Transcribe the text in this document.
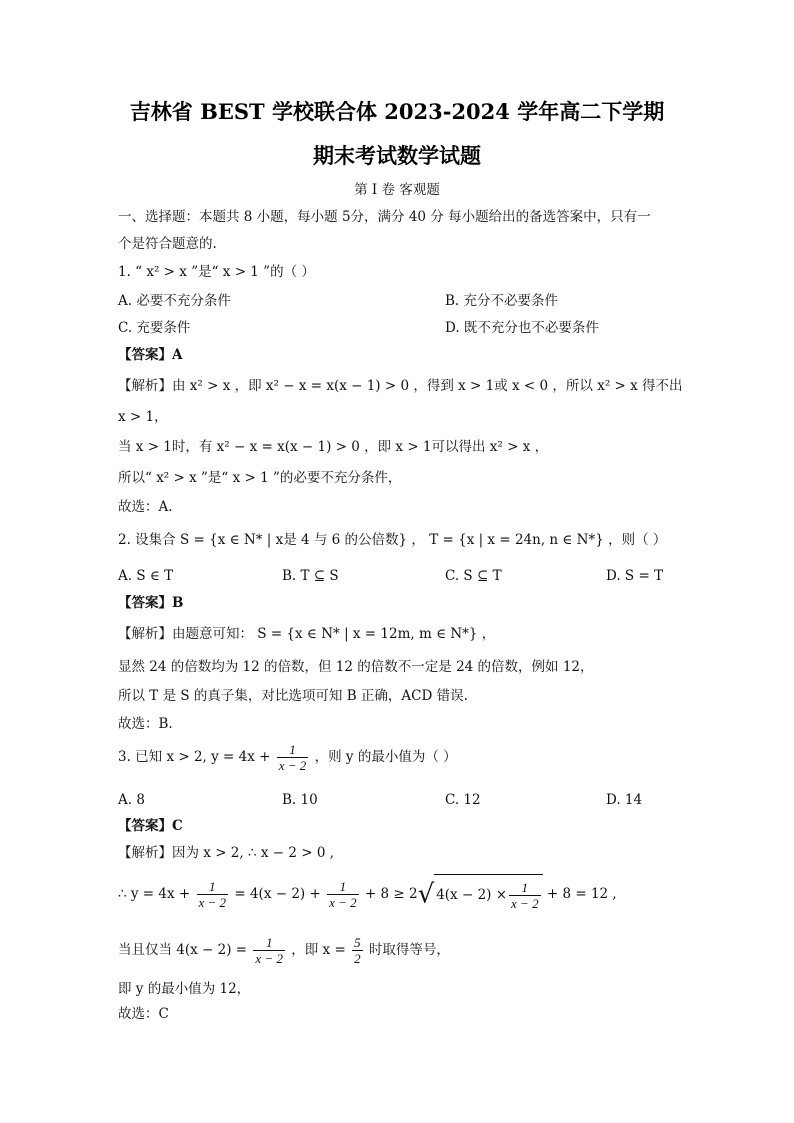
吉林省 BEST 学校联合体 2023-2024 学年高二下学期
期末考试数学试题
第 I 卷 客观题
一、选择题：本题共 8 小题，每小题 5分，满分 40 分 每小题给出的备选答案中，只有一
个是符合题意的.
1. “ x² > x ”是“ x > 1 ”的（ ）
A. 必要不充分条件	B. 充分不必要条件
C. 充要条件	D. 既不充分也不必要条件
【答案】A
【解析】由 x² > x ，即 x² − x = x(x − 1) > 0 ，得到 x > 1或 x < 0 ，所以 x² > x 得不出
x > 1，
当 x > 1时，有 x² − x = x(x − 1) > 0 ，即 x > 1可以得出 x² > x ，
所以“ x² > x ”是“ x > 1 ”的必要不充分条件，
故选：A.
2. 设集合 S = {x ∈ N* | x是 4 与 6 的公倍数} ， T = {x | x = 24n, n ∈ N*} ，则（ ）
A. S ∈ T	B. T ⊆ S	C. S ⊆ T	D. S = T
【答案】B
【解析】由题意可知： S = {x ∈ N* | x = 12m, m ∈ N*} ，
显然 24 的倍数均为 12 的倍数，但 12 的倍数不一定是 24 的倍数，例如 12，
所以 T 是 S 的真子集，对比选项可知 B 正确，ACD 错误.
故选：B.
3. 已知 x > 2, $y = 4x + \frac{1}{x - 2}$ ，则 y 的最小值为（ ）
A. 8	B. 10	C. 12	D. 14
【答案】C
【解析】因为 x > 2, ∴ x − 2 > 0 ,
∴ $y = 4x + \frac{1}{x - 2} = 4(x - 2) + \frac{1}{x - 2} + 8 \ge 2√$ $4(x - 2) \times \frac{1}{x - 2} + 8 = 12$ ,
当且仅当 $4(x - 2) = \frac{1}{x - 2}$ ，即 $x = \frac{5}{2}$ 时取得等号，
即 y 的最小值为 12，
故选：C
